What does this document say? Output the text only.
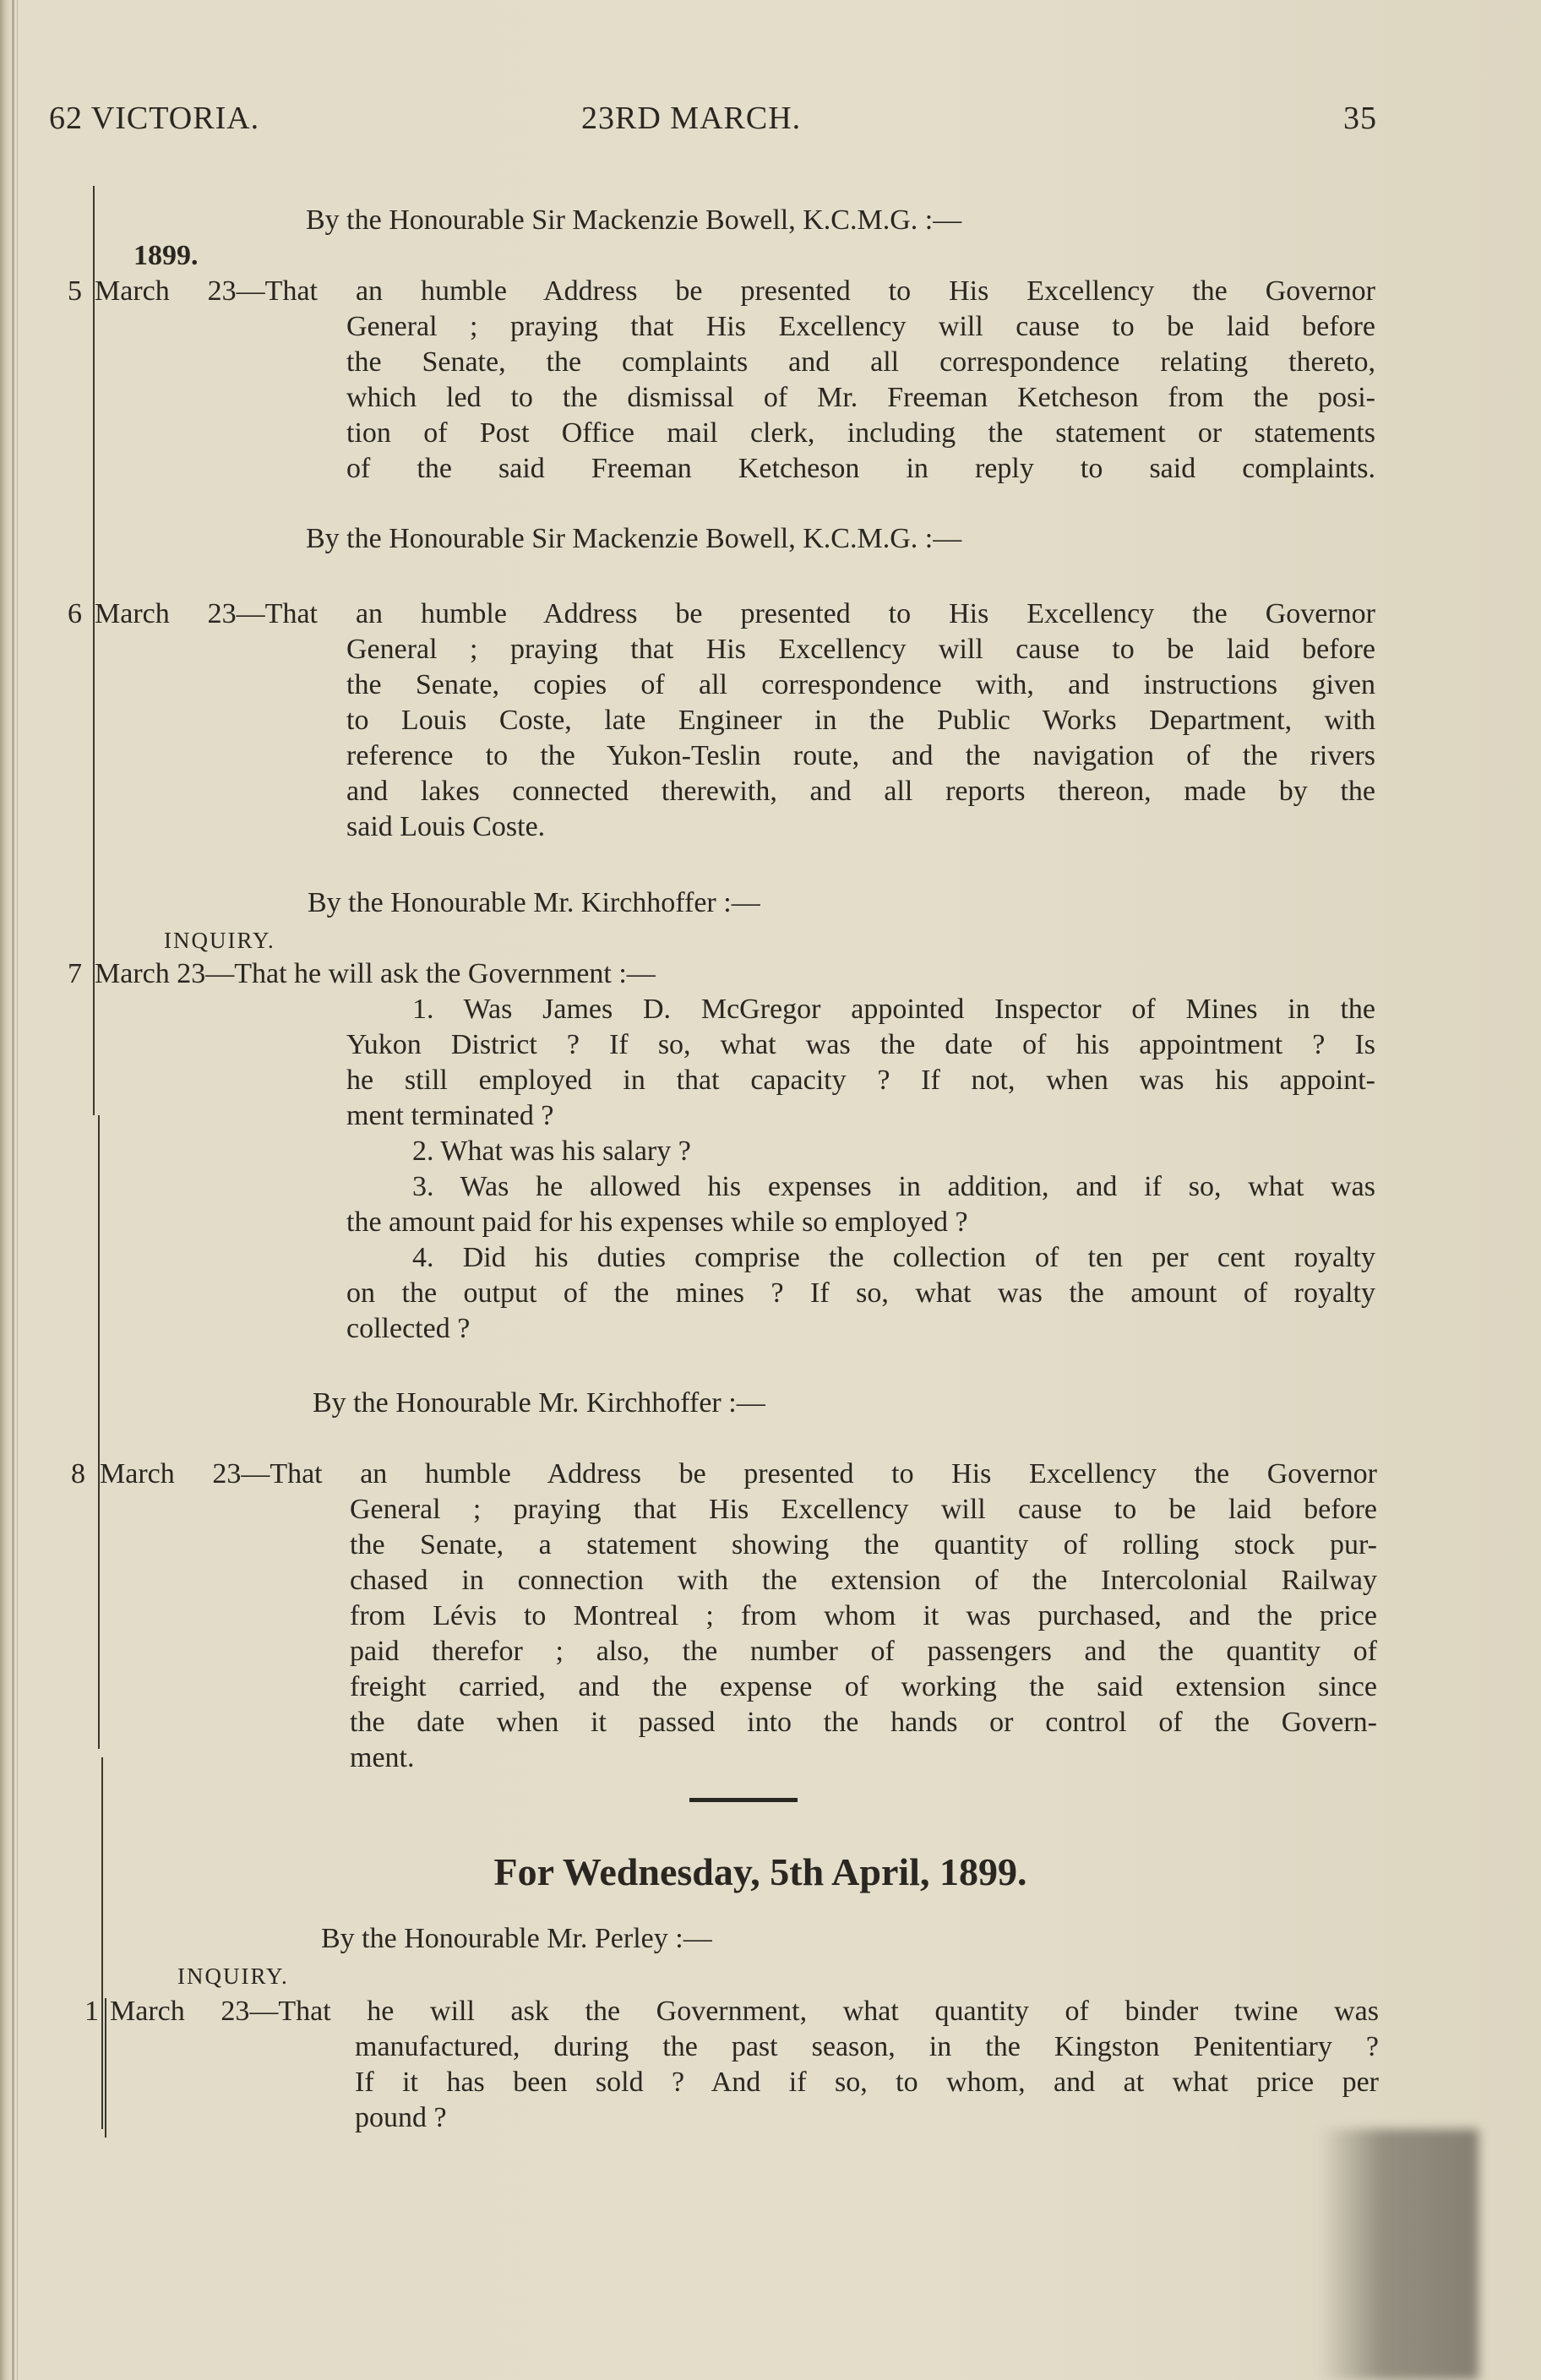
62 VICTORIA.	23RD MARCH.	35
By the Honourable Sir Mackenzie Bowell, K.C.M.G. :—
1899.
5 March 23—That an humble Address be presented to His Excellency the Governor

General ; praying that His Excellency will cause to be laid before

the Senate, the complaints and all correspondence relating thereto,

which led to the dismissal of Mr. Freeman Ketcheson from the posi-

tion of Post Office mail clerk, including the statement or statements

of the said Freeman Ketcheson in reply to said complaints.

By the Honourable Sir Mackenzie Bowell, K.C.M.G. :—
6 March 23—That an humble Address be presented to His Excellency the Governor

General ; praying that His Excellency will cause to be laid before

the Senate, copies of all correspondence with, and instructions given

to Louis Coste, late Engineer in the Public Works Department, with

reference to the Yukon-Teslin route, and the navigation of the rivers

and lakes connected therewith, and all reports thereon, made by the

said Louis Coste.

By the Honourable Mr. Kirchhoffer :—
INQUIRY.
7 March 23—That he will ask the Government :—

1. Was James D. McGregor appointed Inspector of Mines in the

Yukon District ? If so, what was the date of his appointment ? Is

he still employed in that capacity ? If not, when was his appoint-

ment terminated ?

2. What was his salary ?

3. Was he allowed his expenses in addition, and if so, what was

the amount paid for his expenses while so employed ?

4. Did his duties comprise the collection of ten per cent royalty

on the output of the mines ? If so, what was the amount of royalty

collected ?

By the Honourable Mr. Kirchhoffer :—
8 March 23—That an humble Address be presented to His Excellency the Governor

General ; praying that His Excellency will cause to be laid before

the Senate, a statement showing the quantity of rolling stock pur-

chased in connection with the extension of the Intercolonial Railway

from Lévis to Montreal ; from whom it was purchased, and the price

paid therefor ; also, the number of passengers and the quantity of

freight carried, and the expense of working the said extension since

the date when it passed into the hands or control of the Govern-

ment.

For Wednesday, 5th April, 1899.
By the Honourable Mr. Perley :—
INQUIRY.
1 March 23—That he will ask the Government, what quantity of binder twine was

manufactured, during the past season, in the Kingston Penitentiary ?

If it has been sold ? And if so, to whom, and at what price per

pound ?
